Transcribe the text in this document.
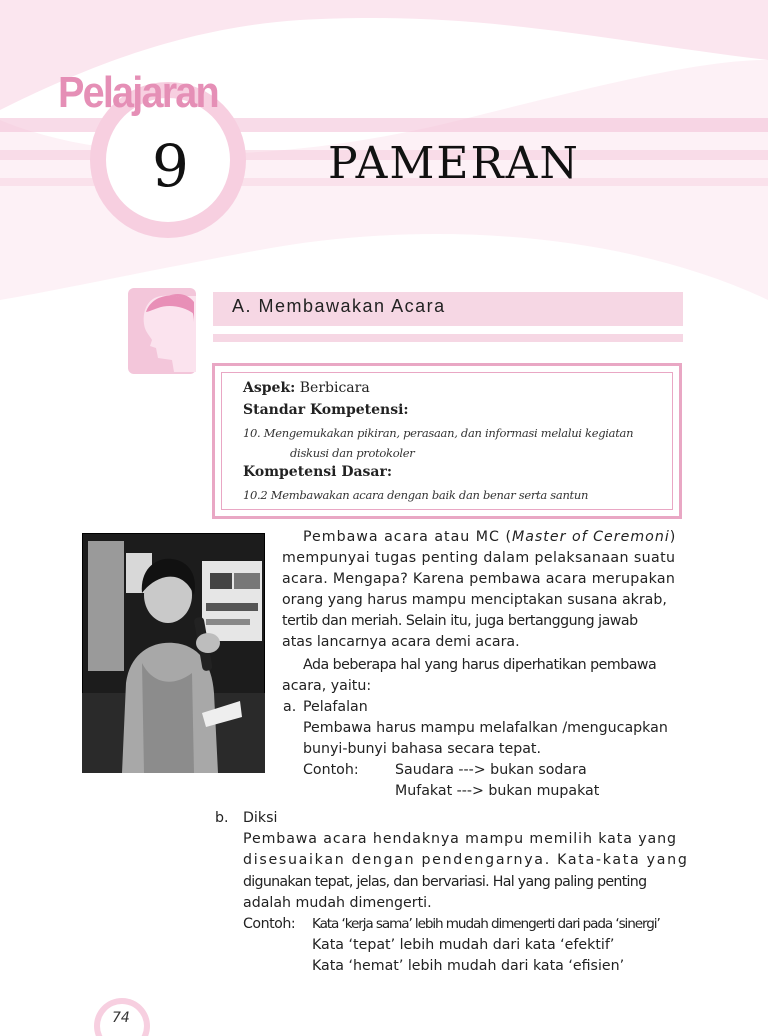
Pelajaran
9	PAMERAN
A. Membawakan Acara
Aspek: Berbicara
Standar Kompetensi:
10. Mengemukakan pikiran, perasaan, dan informasi melalui kegiatan
diskusi dan protokoler
Kompetensi Dasar:
10.2 Membawakan acara dengan baik dan benar serta santun
Pembawa acara atau MC (Master of Ceremoni)
mempunyai tugas penting dalam pelaksanaan suatu
acara. Mengapa? Karena pembawa acara merupakan
orang yang harus mampu menciptakan susana akrab,
tertib dan meriah. Selain itu, juga bertanggung jawab
atas lancarnya acara demi acara.
Ada beberapa hal yang harus diperhatikan pembawa
acara, yaitu:
a. Pelafalan
Pembawa harus mampu melafalkan /mengucapkan
bunyi-bunyi bahasa secara tepat.
Contoh:	Saudara ---> bukan sodara
Mufakat ---> bukan mupakat
b. Diksi
Pembawa acara hendaknya mampu memilih kata yang
disesuaikan dengan pendengarnya. Kata-kata yang
digunakan tepat, jelas, dan bervariasi. Hal yang paling penting
adalah mudah dimengerti.
Contoh: Kata ‘kerja sama’ lebih mudah dimengerti dari pada ‘sinergi’
Kata ‘tepat’ lebih mudah dari kata ‘efektif’
Kata ‘hemat’ lebih mudah dari kata ‘efisien’
74
